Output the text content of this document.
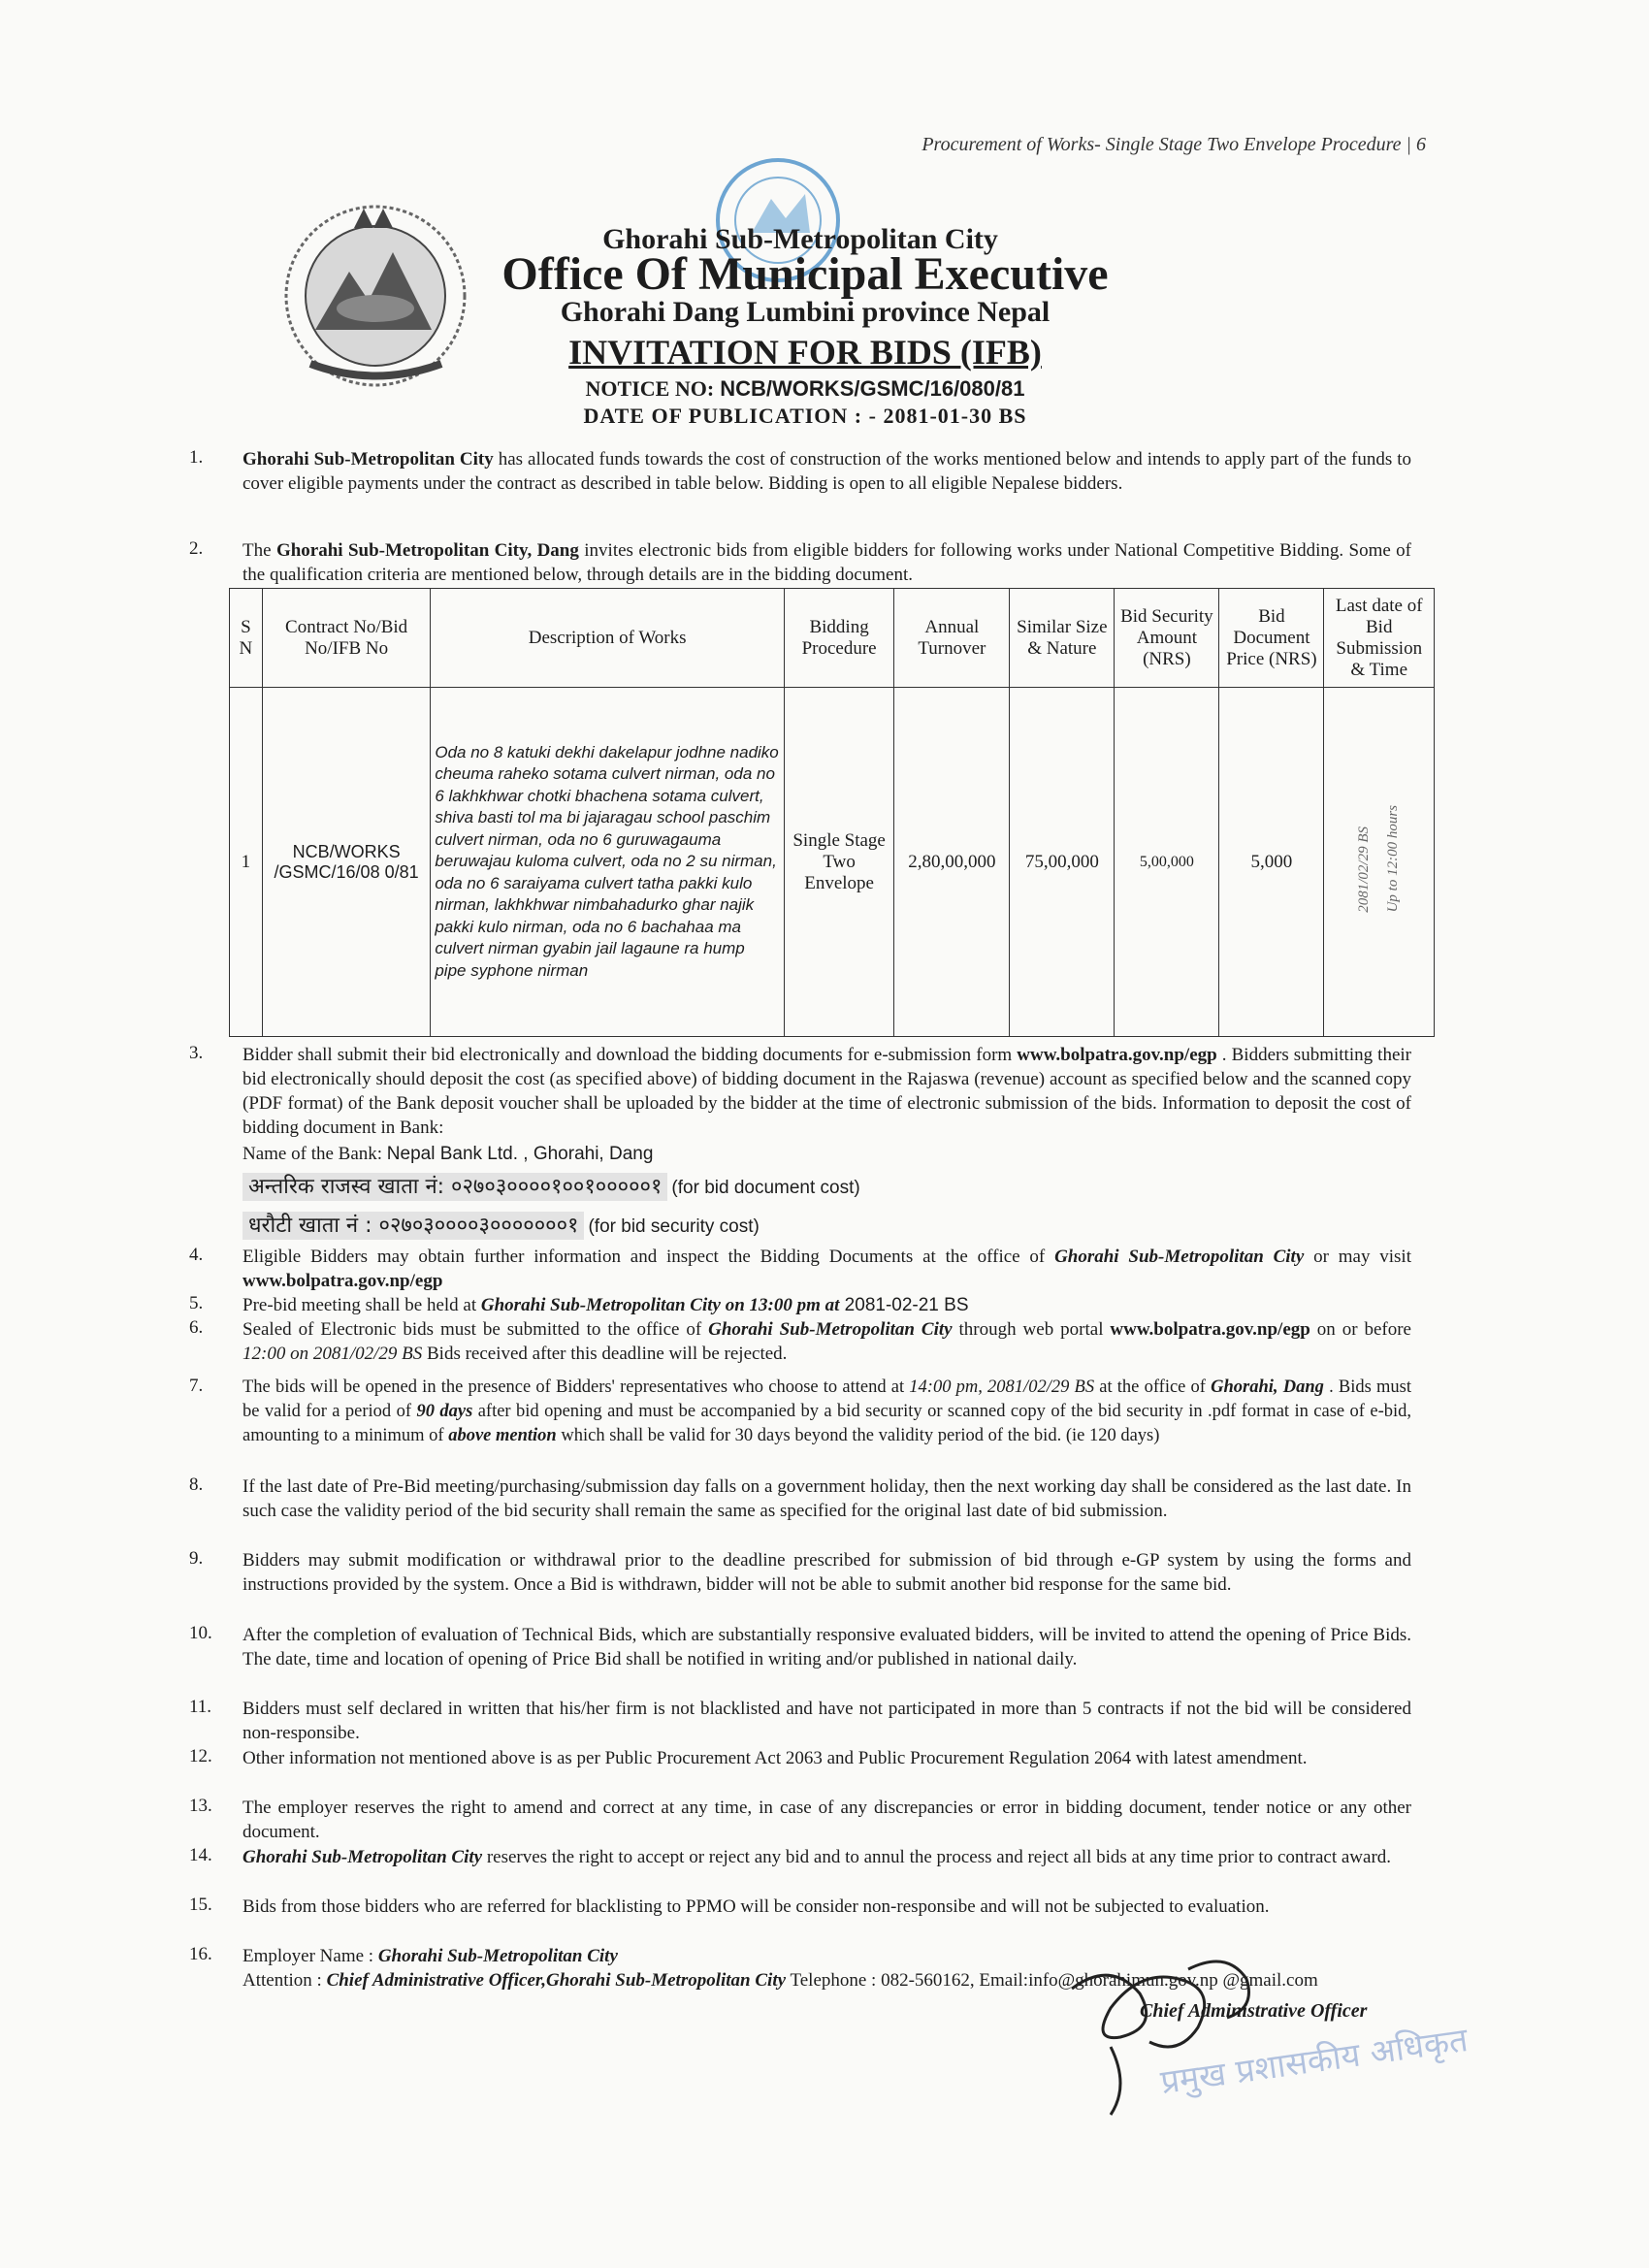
Procurement of Works- Single Stage Two Envelope Procedure | 6
Ghorahi Sub-Metropolitan City
Office Of Municipal Executive
Ghorahi Dang Lumbini province Nepal
INVITATION FOR BIDS (IFB)
NOTICE NO: NCB/WORKS/GSMC/16/080/81
DATE OF PUBLICATION : - 2081-01-30 BS
1.	Ghorahi Sub-Metropolitan City has allocated funds towards the cost of construction of the works mentioned below and intends to apply part of the funds to cover eligible payments under the contract as described in table below. Bidding is open to all eligible Nepalese bidders.
2.	The Ghorahi Sub-Metropolitan City, Dang invites electronic bids from eligible bidders for following works under National Competitive Bidding. Some of the qualification criteria are mentioned below, through details are in the bidding document.
S N	Contract No/Bid No/IFB No	Description of Works	Bidding Procedure	Annual Turnover	Similar Size & Nature	Bid Security Amount (NRS)	Bid Document Price (NRS)	Last date of Bid Submission & Time
1	NCB/WORKS /GSMC/16/08 0/81	Oda no 8 katuki dekhi dakelapur jodhne nadiko cheuma raheko sotama culvert nirman, oda no 6 lakhkhwar chotki bhachena sotama culvert, shiva basti tol ma bi jajaragau school paschim culvert nirman, oda no 6 guruwagauma beruwajau kuloma culvert, oda no 2 su nirman, oda no 6 saraiyama culvert tatha pakki kulo nirman, lakhkhwar nimbahadurko ghar najik pakki kulo nirman, oda no 6 bachahaa ma culvert nirman gyabin jail lagaune ra hump pipe syphone nirman	Single Stage Two Envelope	2,80,00,000	75,00,000	5,00,000	5,000	2081/02/29 BS Up to 12:00 hours
3.	Bidder shall submit their bid electronically and download the bidding documents for e-submission form www.bolpatra.gov.np/egp . Bidders submitting their bid electronically should deposit the cost (as specified above) of bidding document in the Rajaswa (revenue) account as specified below and the scanned copy (PDF format) of the Bank deposit voucher shall be uploaded by the bidder at the time of electronic submission of the bids. Information to deposit the cost of bidding document in Bank:
Name of the Bank: Nepal Bank Ltd. , Ghorahi, Dang
अन्तरिक राजस्व खाता नं: ०२७०३००००१००१०००००१ (for bid document cost)
धरौटी खाता नं : ०२७०३००००३०००००००१ (for bid security cost)
4.	Eligible Bidders may obtain further information and inspect the Bidding Documents at the office of Ghorahi Sub-Metropolitan City or may visit www.bolpatra.gov.np/egp
5.	Pre-bid meeting shall be held at Ghorahi Sub-Metropolitan City on 13:00 pm at 2081-02-21 BS
6.	Sealed of Electronic bids must be submitted to the office of Ghorahi Sub-Metropolitan City through web portal www.bolpatra.gov.np/egp on or before 12:00 on 2081/02/29 BS Bids received after this deadline will be rejected.
7.	The bids will be opened in the presence of Bidders' representatives who choose to attend at 14:00 pm, 2081/02/29 BS at the office of Ghorahi, Dang . Bids must be valid for a period of 90 days after bid opening and must be accompanied by a bid security or scanned copy of the bid security in .pdf format in case of e-bid, amounting to a minimum of above mention which shall be valid for 30 days beyond the validity period of the bid. (ie 120 days)
8.	If the last date of Pre-Bid meeting/purchasing/submission day falls on a government holiday, then the next working day shall be considered as the last date. In such case the validity period of the bid security shall remain the same as specified for the original last date of bid submission.
9.	Bidders may submit modification or withdrawal prior to the deadline prescribed for submission of bid through e-GP system by using the forms and instructions provided by the system. Once a Bid is withdrawn, bidder will not be able to submit another bid response for the same bid.
10.	After the completion of evaluation of Technical Bids, which are substantially responsive evaluated bidders, will be invited to attend the opening of Price Bids. The date, time and location of opening of Price Bid shall be notified in writing and/or published in national daily.
11.	Bidders must self declared in written that his/her firm is not blacklisted and have not participated in more than 5 contracts if not the bid will be considered non-responsibe.
12.	Other information not mentioned above is as per Public Procurement Act 2063 and Public Procurement Regulation 2064 with latest amendment.
13.	The employer reserves the right to amend and correct at any time, in case of any discrepancies or error in bidding document, tender notice or any other document.
14.	Ghorahi Sub-Metropolitan City reserves the right to accept or reject any bid and to annul the process and reject all bids at any time prior to contract award.
15.	Bids from those bidders who are referred for blacklisting to PPMO will be consider non-responsibe and will not be subjected to evaluation.
16.	Employer Name : Ghorahi Sub-Metropolitan City
Attention : Chief Administrative Officer,Ghorahi Sub-Metropolitan City Telephone : 082-560162, Email:info@ghorahimun.gov.np @gmail.com
Chief Administrative Officer
प्रमुख प्रशासकीय अधिकृत
